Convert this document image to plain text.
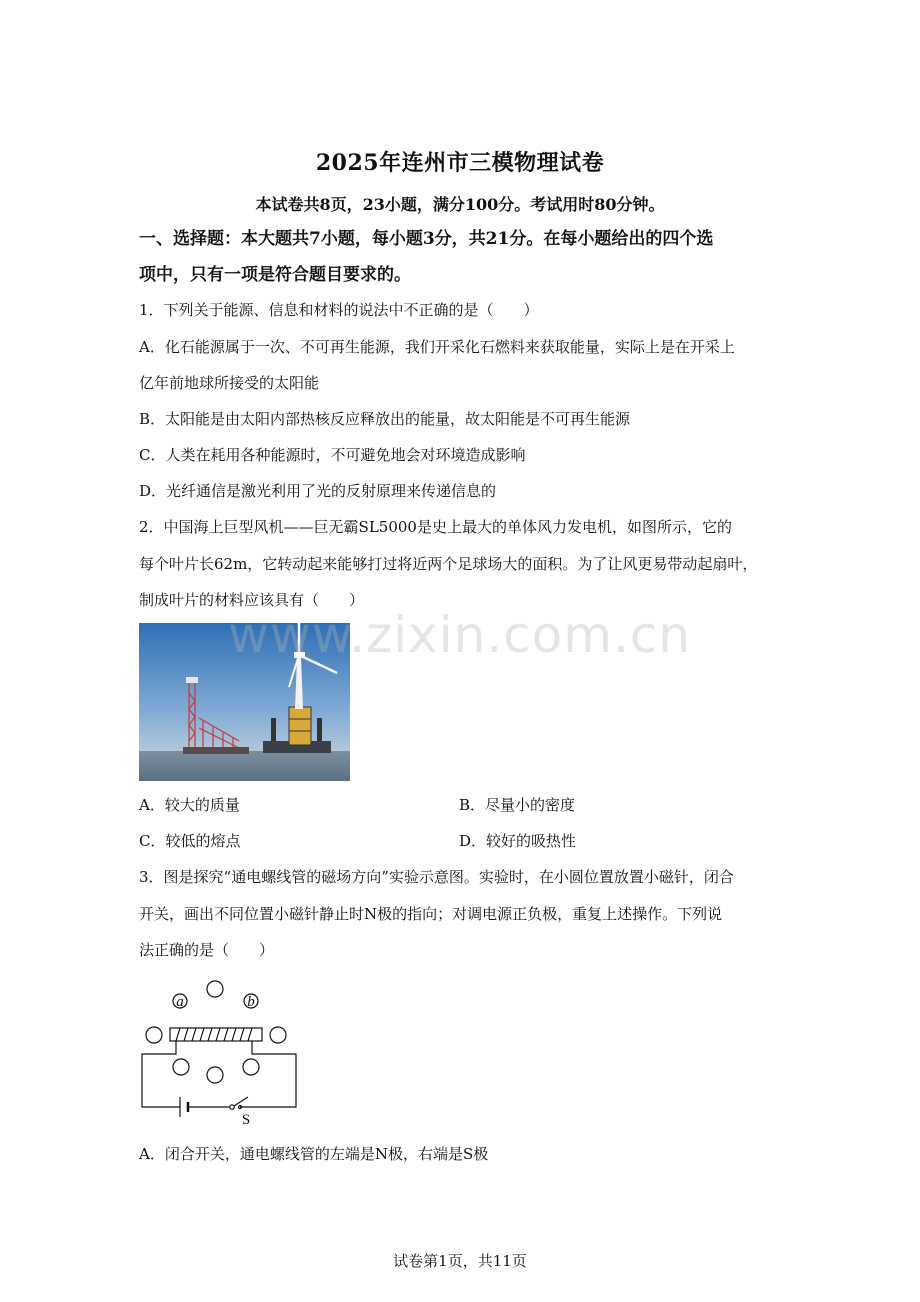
2025年连州市三模物理试卷
本试卷共8页，23小题，满分100分。考试用时80分钟。
一、选择题：本大题共7小题，每小题3分，共21分。在每小题给出的四个选
项中，只有一项是符合题目要求的。
1．下列关于能源、信息和材料的说法中不正确的是（　　）
A．化石能源属于一次、不可再生能源，我们开采化石燃料来获取能量，实际上是在开采上
亿年前地球所接受的太阳能
B．太阳能是由太阳内部热核反应释放出的能量，故太阳能是不可再生能源
C．人类在耗用各种能源时，不可避免地会对环境造成影响
D．光纤通信是激光利用了光的反射原理来传递信息的
2．中国海上巨型风机——巨无霸SL5000是史上最大的单体风力发电机，如图所示，它的
每个叶片长62m，它转动起来能够打过将近两个足球场大的面积。为了让风更易带动起扇叶，
制成叶片的材料应该具有（　　）
www.zixin.com.cn
A．较大的质量	B．尽量小的密度
C．较低的熔点	D．较好的吸热性
3．图是探究“通电螺线管的磁场方向”实验示意图。实验时，在小圆位置放置小磁针，闭合
开关，画出不同位置小磁针静止时N极的指向；对调电源正负极，重复上述操作。下列说
法正确的是（　　）
a	b
S
A．闭合开关，通电螺线管的左端是N极，右端是S极
试卷第1页，共11页
